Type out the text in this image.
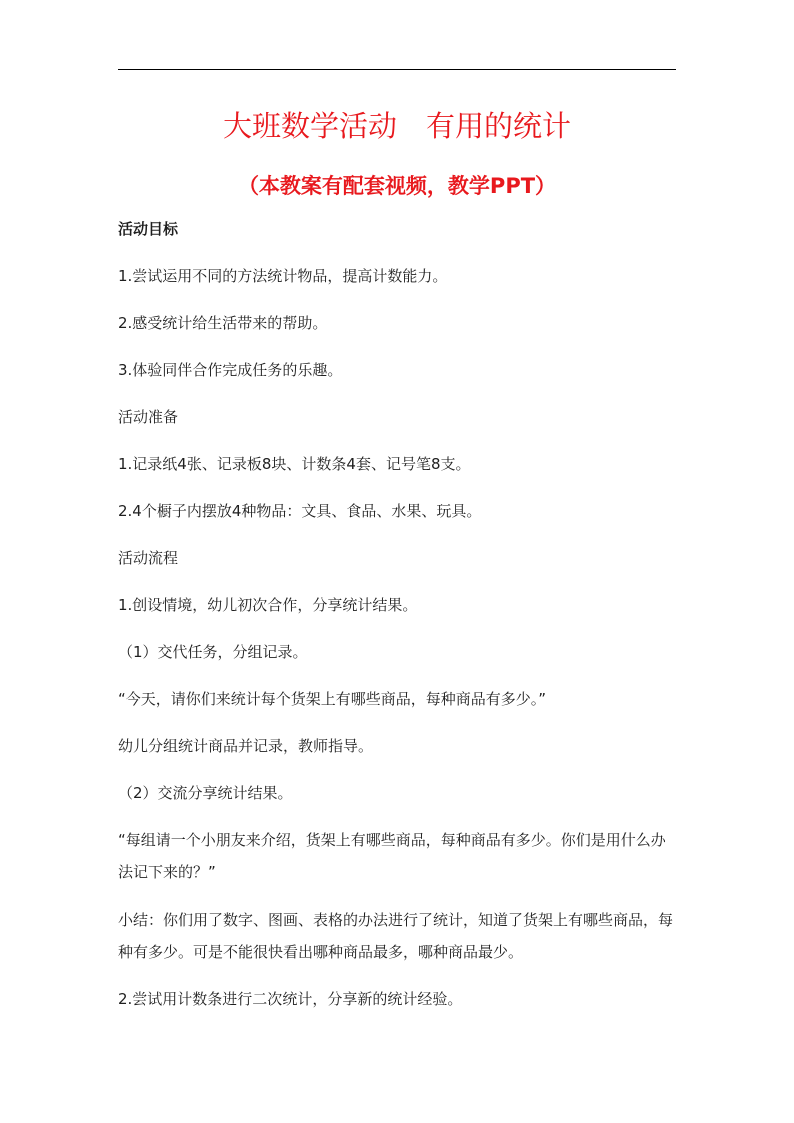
大班数学活动　有用的统计
（本教案有配套视频，教学PPT）

活动目标

1.尝试运用不同的方法统计物品，提高计数能力。

2.感受统计给生活带来的帮助。

3.体验同伴合作完成任务的乐趣。

活动准备

1.记录纸4张、记录板8块、计数条4套、记号笔8支。

2.4个橱子内摆放4种物品：文具、食品、水果、玩具。

活动流程

1.创设情境，幼儿初次合作，分享统计结果。

（1）交代任务，分组记录。

“今天，请你们来统计每个货架上有哪些商品，每种商品有多少。”

幼儿分组统计商品并记录，教师指导。

（2）交流分享统计结果。

“每组请一个小朋友来介绍，货架上有哪些商品，每种商品有多少。你们是用什么办法记下来的？”

小结：你们用了数字、图画、表格的办法进行了统计，知道了货架上有哪些商品，每种有多少。可是不能很快看出哪种商品最多，哪种商品最少。

2.尝试用计数条进行二次统计，分享新的统计经验。
